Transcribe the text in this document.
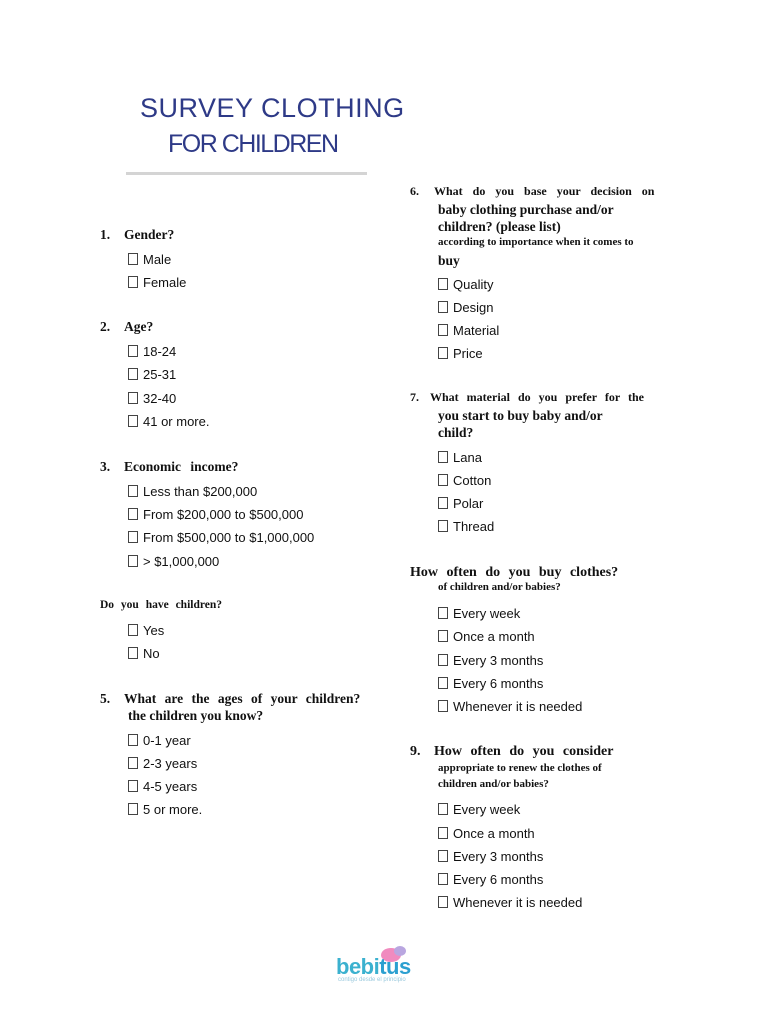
SURVEY CLOTHING
FOR CHILDREN
1. Gender?
Male
Female
2. Age?
18-24
25-31
32-40
41 or more.
3. Economic income?
Less than $200,000
From $200,000 to $500,000
From $500,000 to $1,000,000
> $1,000,000
Do you have children?
Yes
No
5. What are the ages of your children?
the children you know?
0-1 year
2-3 years
4-5 years
5 or more.
6. What do you base your decision on
baby clothing purchase and/or
children? (please list)
according to importance when it comes to
buy
Quality
Design
Material
Price
7. What material do you prefer for the
you start to buy baby and/or
child?
Lana
Cotton
Polar
Thread
How often do you buy clothes?
of children and/or babies?
Every week
Once a month
Every 3 months
Every 6 months
Whenever it is needed
9. How often do you consider
appropriate to renew the clothes of
children and/or babies?
Every week
Once a month
Every 3 months
Every 6 months
Whenever it is needed
bebitus
contigo desde el principio
